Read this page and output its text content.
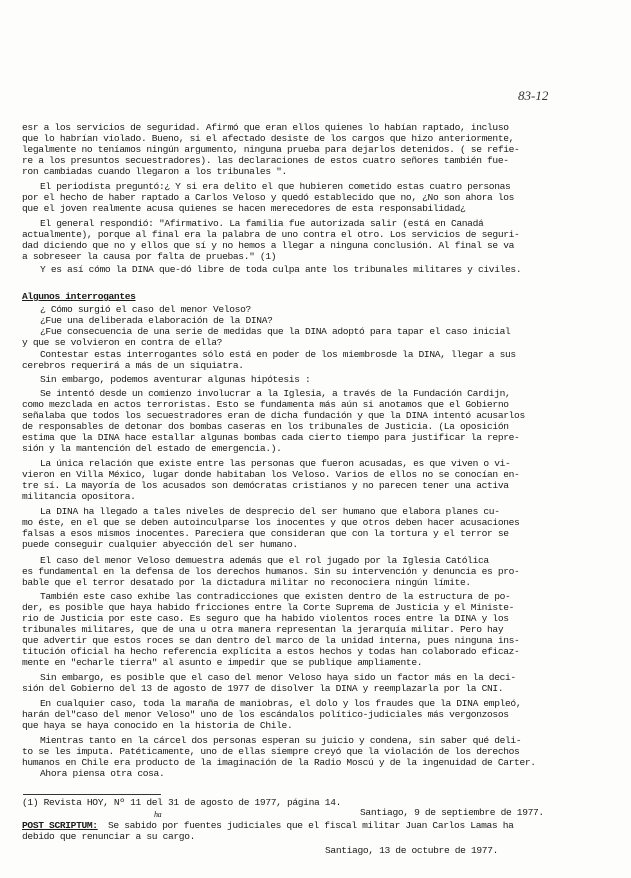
83-12
esr a los servicios de seguridad. Afirmó que eran ellos quienes lo habían raptado, incluso
que lo habrían violado. Bueno, si el afectado desiste de los cargos que hizo anteriormente,
legalmente no teníamos ningún argumento, ninguna prueba para dejarlos detenidos. ( se refie-
re a los presuntos secuestradores). las declaraciones de estos cuatro señores también fue-
ron cambiadas cuando llegaron a los tribunales ".
El periodista preguntó:¿ Y si era delito el que hubieren cometido estas cuatro personas
por el hecho de haber raptado a Carlos Veloso y quedó establecido que no, ¿No son ahora los
que el joven realmente acusa quienes se hacen merecedores de esta responsabilidad¿
El general respondió: "Afirmativo. La familia fue autorizada salir (está en Canadá
actualmente), porque al final era la palabra de uno contra el otro. Los servicios de seguri-
dad diciendo que no y ellos que sí y no hemos a llegar a ninguna conclusión. Al final se va
a sobreseer la causa por falta de pruebas." (1)
Y es así cómo la DINA que-dó libre de toda culpa ante los tribunales militares y civiles.
Algunos interrogantes
¿ Cómo surgió el caso del menor Veloso?
¿Fue una deliberada elaboración de la DINA?
¿Fue consecuencia de una serie de medidas que la DINA adoptó para tapar el caso inicial
y que se volvieron en contra de ella?
Contestar estas interrogantes sólo está en poder de los miembrosde la DINA, llegar a sus
cerebros requerirá a más de un siquiatra.
Sin embargo, podemos aventurar algunas hipótesis :
Se intentó desde un comienzo involucrar a la Iglesia, a través de la Fundación Cardijn,
como mezclada en actos terroristas. Esto se fundamenta más aún si anotamos que el Gobierno
señalaba que todos los secuestradores eran de dicha fundación y que la DINA intentó acusarlos
de responsables de detonar dos bombas caseras en los tribunales de Justicia. (La oposición
estima que la DINA hace estallar algunas bombas cada cierto tiempo para justificar la repre-
sión y la mantención del estado de emergencia.).
La única relación que existe entre las personas que fueron acusadas, es que viven o vi-
vieron en Villa México, lugar donde habitaban los Veloso. Varios de ellos no se conocían en-
tre sí. La mayoría de los acusados son demócratas cristianos y no parecen tener una activa
militancia opositora.
La DINA ha llegado a tales niveles de desprecio del ser humano que elabora planes cu-
mo éste, en el que se deben autoinculparse los inocentes y que otros deben hacer acusaciones
falsas a esos mismos inocentes. Pareciera que consideran que con la tortura y el terror se
puede conseguir cualquier abyección del ser humano.
El caso del menor Veloso demuestra además que el rol jugado por la Iglesia Católica
es fundamental en la defensa de los derechos humanos. Sin su intervención y denuncia es pro-
bable que el terror desatado por la dictadura militar no reconociera ningún límite.
También este caso exhibe las contradicciones que existen dentro de la estructura de po-
der, es posible que haya habido fricciones entre la Corte Suprema de Justicia y el Ministe-
rio de Justicia por este caso. Es seguro que ha habido violentos roces entre la DINA y los
tribunales militares, que de una u otra manera representan la jerarquía militar. Pero hay
que advertir que estos roces se dan dentro del marco de la unidad interna, pues ninguna ins-
titución oficial ha hecho referencia explícita a estos hechos y todas han colaborado eficaz-
mente en "echarle tierra" al asunto e impedir que se publique ampliamente.
Sin embargo, es posible que el caso del menor Veloso haya sido un factor más en la deci-
sión del Gobierno del 13 de agosto de 1977 de disolver la DINA y reemplazarla por la CNI.
En cualquier caso, toda la maraña de maniobras, el dolo y los fraudes que la DINA empleó,
harán del"caso del menor Veloso" uno de los escándalos político-judiciales más vergonzosos
que haya se haya conocido en la historia de Chile.
Mientras tanto en la cárcel dos personas esperan su juicio y condena, sin saber qué deli-
to se les imputa. Patéticamente, uno de ellas siempre creyó que la violación de los derechos
humanos en Chile era producto de la imaginación de la Radio Moscú y de la ingenuidad de Carter.
Ahora piensa otra cosa.
(1) Revista HOY, Nº 11 del 31 de agosto de 1977, página 14.
Santiago, 9 de septiembre de 1977.
ha
POST SCRIPTUM: Se sabido por fuentes judiciales que el fiscal militar Juan Carlos Lamas ha
debido que renunciar a su cargo.
Santiago, 13 de octubre de 1977.
